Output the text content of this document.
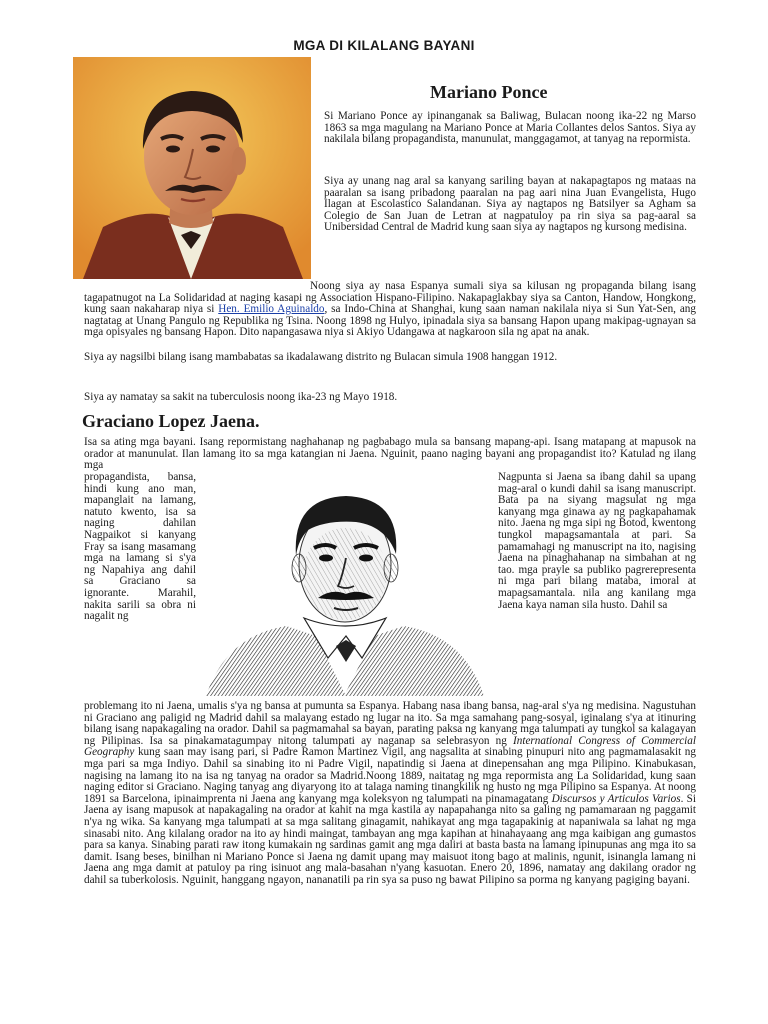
MGA DI KILALANG BAYANI
Mariano Ponce

Si Mariano Ponce ay ipinanganak sa Baliwag, Bulacan noong ika-22 ng Marso 1863 sa mga magulang na Mariano Ponce at Maria Collantes delos Santos. Siya ay nakilala bilang propagandista, manunulat, manggagamot, at tanyag na repormista.

Siya ay unang nag aral sa kanyang sariling bayan at nakapagtapos ng mataas na paaralan sa isang pribadong paaralan na pag aari nina Juan Evangelista, Hugo Ilagan at Escolastico Salandanan. Siya ay nagtapos ng Batsilyer sa Agham sa Colegio de San Juan de Letran at nagpatuloy pa rin siya sa pag-aaral sa Unibersidad Central de Madrid kung saan siya ay nagtapos ng kursong medisina.

Noong siya ay nasa Espanya sumali siya sa kilusan ng propaganda bilang isang tagapatnugot na La Solidaridad at naging kasapi ng Association Hispano-Filipino. Nakapaglakbay siya sa Canton, Handow, Hongkong, kung saan nakaharap niya si Hen. Emilio Aguinaldo, sa Indo-China at Shanghai, kung saan naman nakilala niya si Sun Yat-Sen, ang nagtatag at Unang Pangulo ng Republika ng Tsina. Noong 1898 ng Hulyo, ipinadala siya sa bansang Hapon upang makipag-ugnayan sa mga opisyales ng bansang Hapon. Dito napangasawa niya si Akiyo Udangawa at nagkaroon sila ng apat na anak.

Siya ay nagsilbi bilang isang mambabatas sa ikadalawang distrito ng Bulacan simula 1908 hanggan 1912.

Siya ay namatay sa sakit na tuberculosis noong ika-23 ng Mayo 1918.

Graciano Lopez Jaena.

Isa sa ating mga bayani. Isang repormistang naghahanap ng pagbabago mula sa bansang mapang-api. Isang matapang at mapusok na orador at manunulat. Ilan lamang ito sa mga katangian ni Jaena. Nguinit, paano naging bayani ang propagandist ito? Katulad ng ilang mga

propagandista, bansa, hindi kung ano man, mapanglait na lamang, natuto kwento, isa sa naging dahilan Nagpaikot si kanyang Fray sa isang masamang mga na lamang si s'ya ng Napahiya ang dahil sa Graciano sa ignorante. Marahil, nakita sarili sa obra ni nagalit ng

Nagpunta si Jaena sa ibang dahil sa upang mag-aral o kundi dahil sa isang manuscript. Bata pa na siyang magsulat ng mga kanyang mga ginawa ay ng pagkapahamak nito. Jaena ng mga sipi ng Botod, kwentong tungkol mapagsamantala at pari. Sa pamamahagi ng manuscript na ito, nagising Jaena na pinaghahanap na simbahan at ng tao. mga prayle sa publiko pagrerepresenta ni mga pari bilang mataba, imoral at mapagsamantala. nila ang kanilang mga Jaena kaya naman sila husto. Dahil sa

problemang ito ni Jaena, umalis s'ya ng bansa at pumunta sa Espanya. Habang nasa ibang bansa, nag-aral s'ya ng medisina. Nagustuhan ni Graciano ang paligid ng Madrid dahil sa malayang estado ng lugar na ito. Sa mga samahang pang-sosyal, iginalang s'ya at itinuring bilang isang napakagaling na orador. Dahil sa pagmamahal sa bayan, parating paksa ng kanyang mga talumpati ay tungkol sa kalagayan ng Pilipinas. Isa sa pinakamatagumpay nitong talumpati ay naganap sa selebrasyon ng International Congress of Commercial Geography kung saan may isang pari, si Padre Ramon Martinez Vigil, ang nagsalita at sinabing pinupuri nito ang pagmamalasakit ng mga pari sa mga Indiyo. Dahil sa sinabing ito ni Padre Vigil, napatindig si Jaena at dinepensahan ang mga Pilipino. Kinabukasan, nagising na lamang ito na isa ng tanyag na orador sa Madrid.Noong 1889, naitatag ng mga repormista ang La Solidaridad, kung saan naging editor si Graciano. Naging tanyag ang diyaryong ito at talaga naming tinangkilik ng husto ng mga Pilipino sa Espanya. At noong 1891 sa Barcelona, ipinaimprenta ni Jaena ang kanyang mga koleksyon ng talumpati na pinamagatang Discursos y Articulos Varios. Si Jaena ay isang mapusok at napakagaling na orador at kahit na mga kastila ay napapahanga nito sa galing ng pamamaraan ng paggamit n'ya ng wika. Sa kanyang mga talumpati at sa mga salitang ginagamit, nahikayat ang mga tagapakinig at napaniwala sa lahat ng mga sinasabi nito. Ang kilalang orador na ito ay hindi maingat, tambayan ang mga kapihan at hinahayaang ang mga kaibigan ang gumastos para sa kanya. Sinabing parati raw itong kumakain ng sardinas gamit ang mga daliri at basta basta na lamang ipinupunas ang mga ito sa damit. Isang beses, binilhan ni Mariano Ponce si Jaena ng damit upang may maisuot itong bago at malinis, ngunit, isinangla lamang ni Jaena ang mga damit at patuloy pa ring isinuot ang mala-basahan n'yang kasuotan. Enero 20, 1896, namatay ang dakilang orador ng dahil sa tuberkolosis. Nguinit, hanggang ngayon, nananatili pa rin sya sa puso ng bawat Pilipino sa porma ng kanyang pagiging bayani.
